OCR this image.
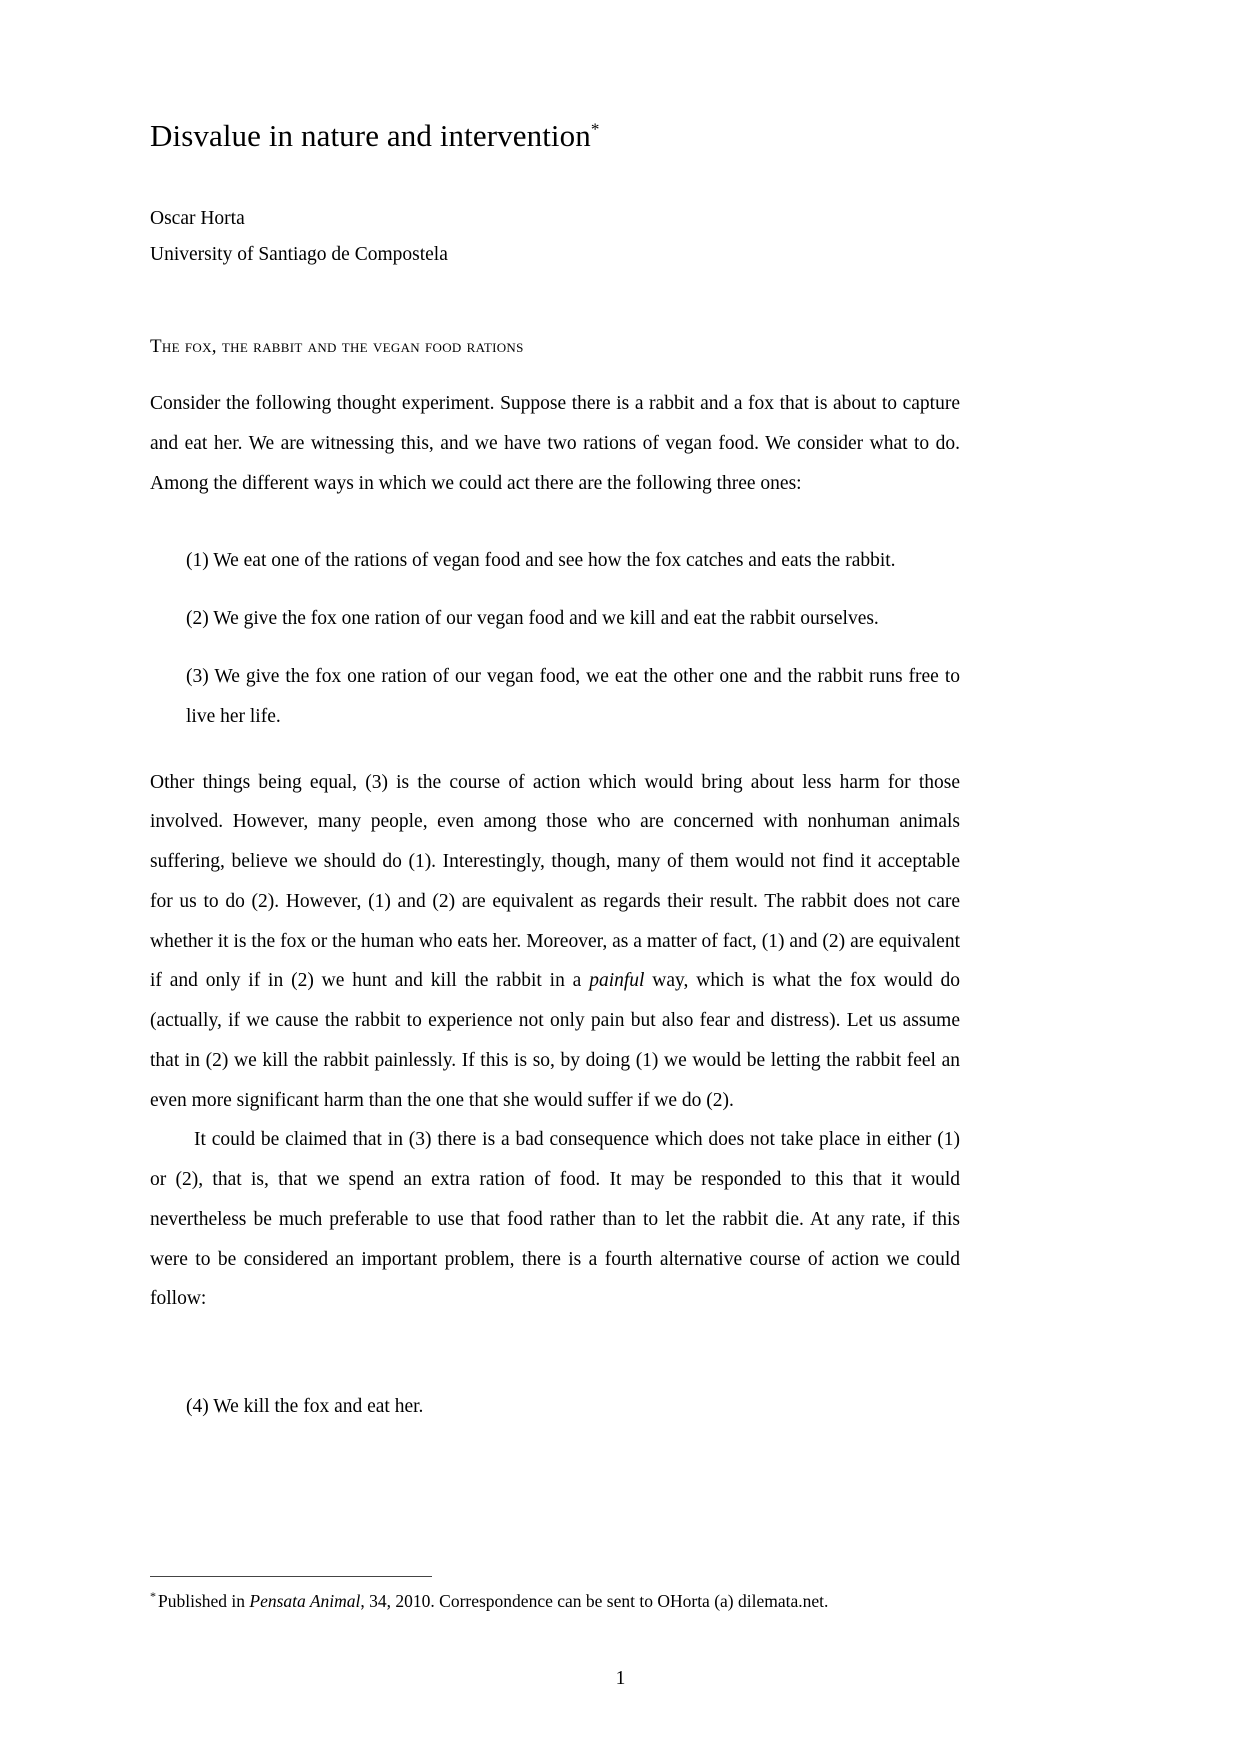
Disvalue in nature and intervention*

Oscar Horta

University of Santiago de Compostela

The fox, the rabbit and the vegan food rations

Consider the following thought experiment. Suppose there is a rabbit and a fox that is about to capture and eat her. We are witnessing this, and we have two rations of vegan food. We consider what to do. Among the different ways in which we could act there are the following three ones:

(1) We eat one of the rations of vegan food and see how the fox catches and eats the rabbit.

(2) We give the fox one ration of our vegan food and we kill and eat the rabbit ourselves.

(3) We give the fox one ration of our vegan food, we eat the other one and the rabbit runs free to live her life.

Other things being equal, (3) is the course of action which would bring about less harm for those involved. However, many people, even among those who are concerned with nonhuman animals suffering, believe we should do (1). Interestingly, though, many of them would not find it acceptable for us to do (2). However, (1) and (2) are equivalent as regards their result. The rabbit does not care whether it is the fox or the human who eats her. Moreover, as a matter of fact, (1) and (2) are equivalent if and only if in (2) we hunt and kill the rabbit in a painful way, which is what the fox would do (actually, if we cause the rabbit to experience not only pain but also fear and distress). Let us assume that in (2) we kill the rabbit painlessly. If this is so, by doing (1) we would be letting the rabbit feel an even more significant harm than the one that she would suffer if we do (2).

It could be claimed that in (3) there is a bad consequence which does not take place in either (1) or (2), that is, that we spend an extra ration of food. It may be responded to this that it would nevertheless be much preferable to use that food rather than to let the rabbit die. At any rate, if this were to be considered an important problem, there is a fourth alternative course of action we could follow:

(4) We kill the fox and eat her.

* Published in Pensata Animal, 34, 2010. Correspondence can be sent to OHorta (a) dilemata.net.

1
